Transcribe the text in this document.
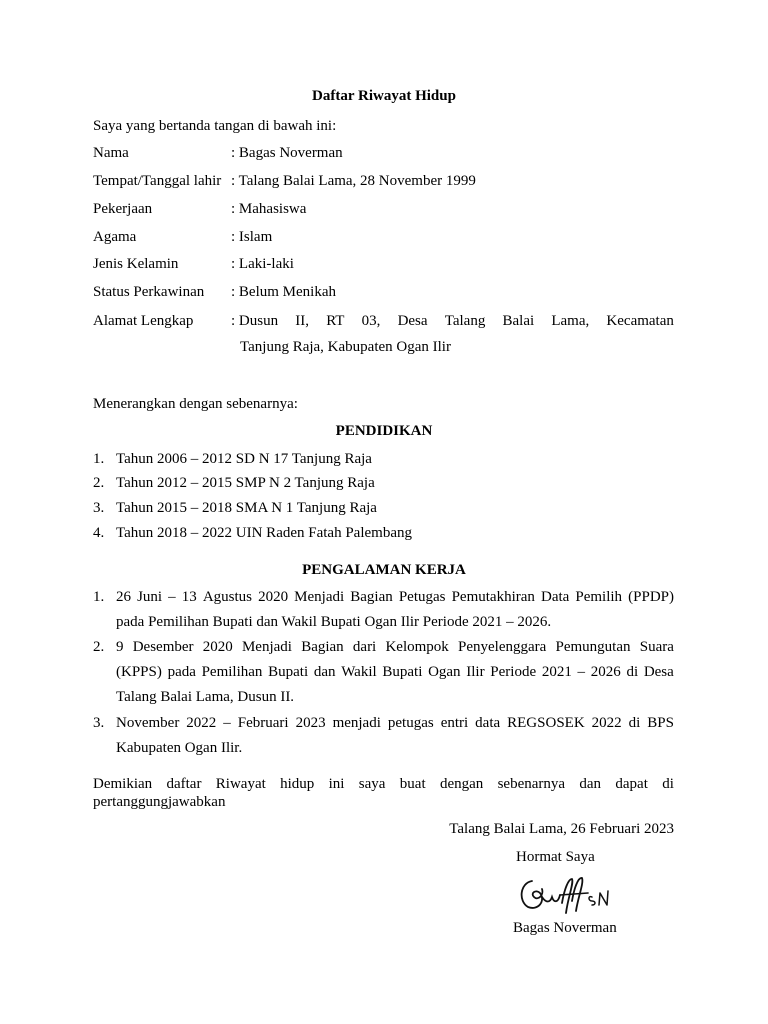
Daftar Riwayat Hidup
Saya yang bertanda tangan di bawah ini:
Nama	: Bagas Noverman
Tempat/Tanggal lahir : Talang Balai Lama, 28 November 1999
Pekerjaan	: Mahasiswa
Agama	: Islam
Jenis Kelamin	: Laki-laki
Status Perkawinan : Belum Menikah
Alamat Lengkap	: Dusun II, RT 03, Desa Talang Balai Lama, Kecamatan
Tanjung Raja, Kabupaten Ogan Ilir
Menerangkan dengan sebenarnya:
PENDIDIKAN
1. Tahun 2006 – 2012 SD N 17 Tanjung Raja
2. Tahun 2012 – 2015 SMP N 2 Tanjung Raja
3. Tahun 2015 – 2018 SMA N 1 Tanjung Raja
4. Tahun 2018 – 2022 UIN Raden Fatah Palembang
PENGALAMAN KERJA
1. 26 Juni – 13 Agustus 2020 Menjadi Bagian Petugas Pemutakhiran Data Pemilih (PPDP)
pada Pemilihan Bupati dan Wakil Bupati Ogan Ilir Periode 2021 – 2026.
2. 9 Desember 2020 Menjadi Bagian dari Kelompok Penyelenggara Pemungutan Suara
(KPPS) pada Pemilihan Bupati dan Wakil Bupati Ogan Ilir Periode 2021 – 2026 di Desa
Talang Balai Lama, Dusun II.
3. November 2022 – Februari 2023 menjadi petugas entri data REGSOSEK 2022 di BPS
Kabupaten Ogan Ilir.
Demikian daftar Riwayat hidup ini saya buat dengan sebenarnya dan dapat di
pertanggungjawabkan
Talang Balai Lama, 26 Februari 2023
Hormat Saya
Bagas Noverman
